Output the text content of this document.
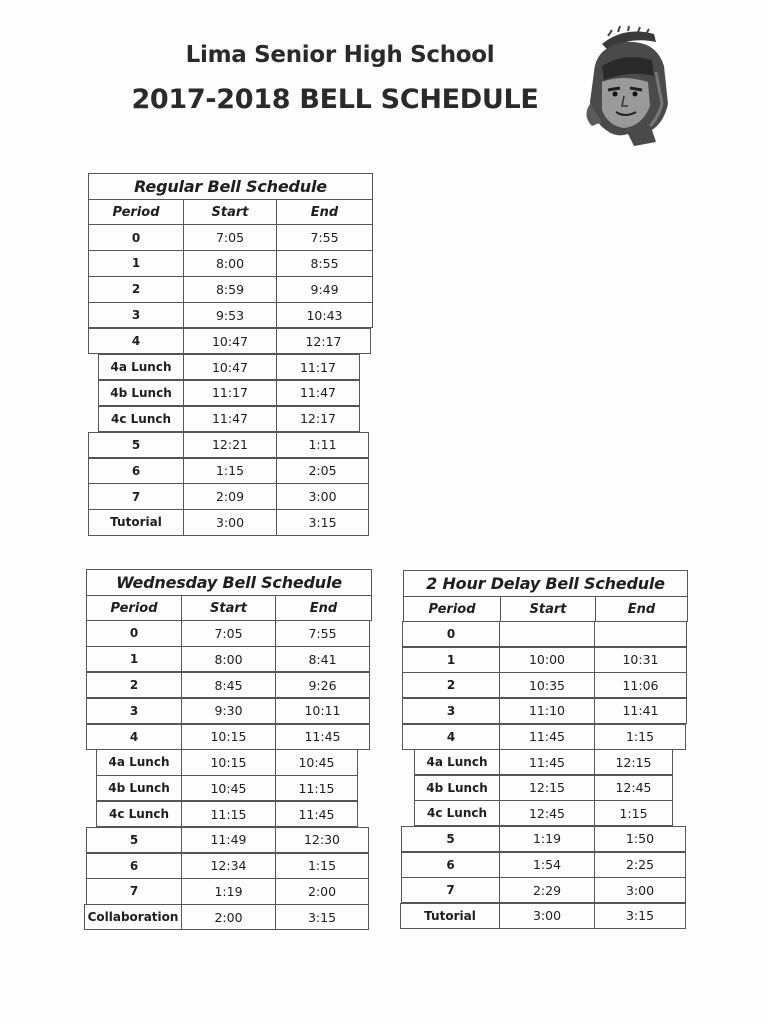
Lima Senior High School
2017-2018 BELL SCHEDULE
Regular Bell Schedule
Period	Start	End
0	7:05	7:55
1	8:00	8:55
2	8:59	9:49
3	9:53	10:43
4	10:47	12:17
4a Lunch	10:47	11:17
4b Lunch	11:17	11:47
4c Lunch	11:47	12:17
5	12:21	1:11
6	1:15	2:05
7	2:09	3:00
Tutorial	3:00	3:15
Wednesday Bell Schedule
Period	Start	End
0	7:05	7:55
1	8:00	8:41
2	8:45	9:26
3	9:30	10:11
4	10:15	11:45
4a Lunch	10:15	10:45
4b Lunch	10:45	11:15
4c Lunch	11:15	11:45
5	11:49	12:30
6	12:34	1:15
7	1:19	2:00
Collaboration	2:00	3:15
2 Hour Delay Bell Schedule
Period	Start	End
0
1	10:00	10:31
2	10:35	11:06
3	11:10	11:41
4	11:45	1:15
4a Lunch	11:45	12:15
4b Lunch	12:15	12:45
4c Lunch	12:45	1:15
5	1:19	1:50
6	1:54	2:25
7	2:29	3:00
Tutorial	3:00	3:15
